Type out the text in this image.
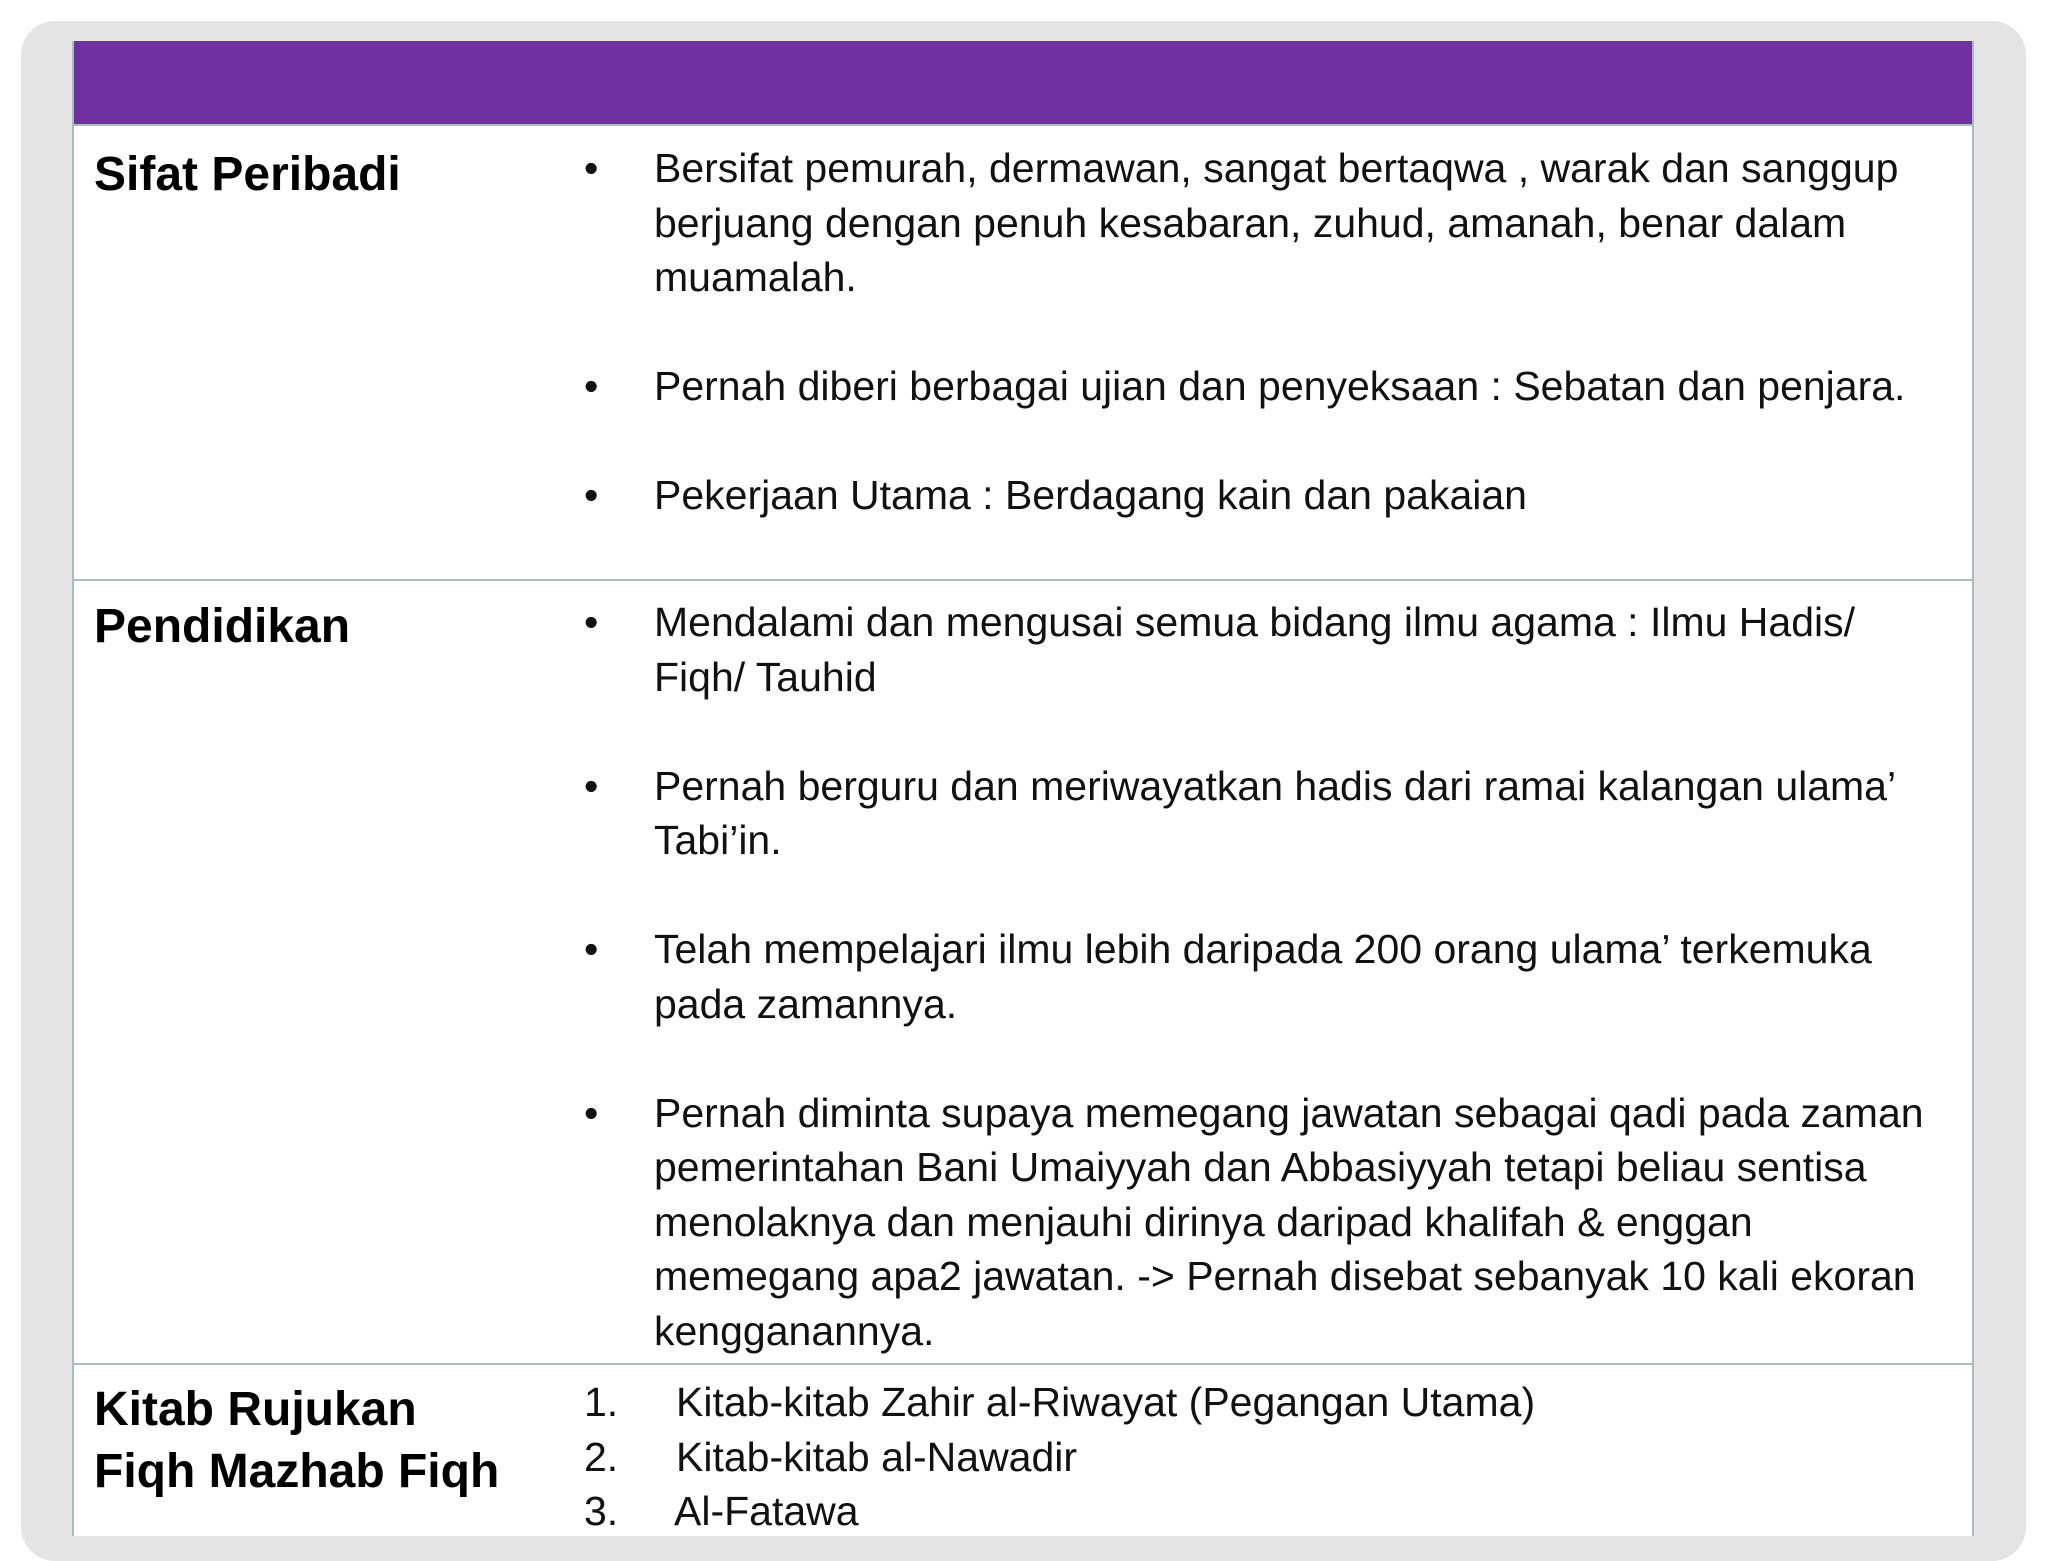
Sifat Peribadi	•	Bersifat pemurah, dermawan, sangat bertaqwa , warak dan sanggup berjuang dengan penuh kesabaran, zuhud, amanah, benar dalam muamalah.
•	Pernah diberi berbagai ujian dan penyeksaan : Sebatan dan penjara.
•	Pekerjaan Utama : Berdagang kain dan pakaian
Pendidikan	•	Mendalami dan mengusai semua bidang ilmu agama : Ilmu Hadis/ Fiqh/ Tauhid
•	Pernah berguru dan meriwayatkan hadis dari ramai kalangan ulama’ Tabi’in.
•	Telah mempelajari ilmu lebih daripada 200 orang ulama’ terkemuka pada zamannya.
•	Pernah diminta supaya memegang jawatan sebagai qadi pada zaman pemerintahan Bani Umaiyyah dan Abbasiyyah tetapi beliau sentisa menolaknya dan menjauhi dirinya daripad khalifah & enggan memegang apa2 jawatan. -> Pernah disebat sebanyak 10 kali ekoran kengganannya.
Kitab Rujukan
Fiqh Mazhab Fiqh
1. Kitab-kitab Zahir al-Riwayat (Pegangan Utama)
2. Kitab-kitab al-Nawadir
3. Al-Fatawa
